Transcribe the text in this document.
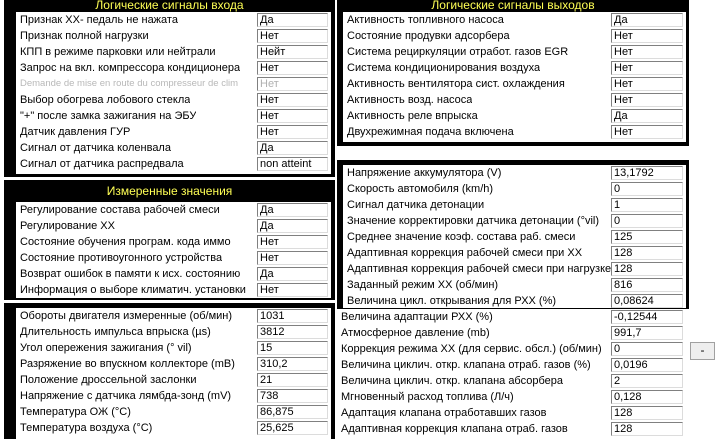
Логические сигналы входа
Признак ХХ- педаль не нажата	Да
Признак полной нагрузки	Нет
КПП в режиме парковки или нейтрали	Нейт
Запрос на вкл. компрессора кондиционера Нет
Demande de mise en route du compresseur de clim Нет
Выбор обогрева лобового стекла	Нет
"+" после замка зажигания на ЭБУ	Нет
Датчик давления ГУР	Нет
Сигнал от датчика коленвала	Да
Сигнал от датчика распредвала	non atteint
Логические сигналы выходов
Активность топливного насоса	Да
Состояние продувки адсорбера	Нет
Система рециркуляции отработ. газов EGR	Нет
Система кондиционирования воздуха	Нет
Активность вентилятора сист. охлаждения	Нет
Активность возд. насоса	Нет
Активность реле впрыска	Да
Двухрежимная подача включена	Нет
Измеренные значения
Регулирование состава рабочей смеси	Да
Регулирование ХХ	Да
Состояние обучения програм. кода иммо	Нет
Состояние противоугонного устройства	Нет
Возврат ошибок в памяти к исх. состоянию Да
Информация о выборе климатич. установки Нет
Напряжение аккумулятора (V)	13,1792
Скорость автомобиля (km/h)	0
Сигнал датчика детонации	1
Значение корректировки датчика детонации (°vil) 0
Среднее значение коэф. состава раб. смеси	125
Адаптивная коррекция рабочей смеси при ХХ	128
Адаптивная коррекция рабочей смеси при нагрузке 128
Заданный режим ХХ (об/мин)	816
Величина цикл. открывания для РХХ (%)	0,08624
Обороты двигателя измеренные (об/мин)	1031
Длительность импульса впрыска (µs)	3812
Угол опережения зажигания (° vil)	15
Разряжение во впускном коллекторе (mB) 310,2
Положение дроссельной заслонки	21
Напряжение с датчика лямбда-зонд (mV)	738
Температура ОЖ (°C)	86,875
Температура воздуха (°C)	25,625
Величина адаптации РХХ (%)	-0,12544
Атмосферное давление (mb)	991,7
Коррекция режима ХХ (для сервис. обсл.) (об/мин) 0
Величина циклич. откр. клапана отраб. газов (%) 0,0196
Величина циклич. откр. клапана абсорбера	2
Мгновенный расход топлива (Л/ч)	0,128
Адаптация клапана отработавших газов	128
Адаптивная коррекция клапана отраб. газов	128
-
